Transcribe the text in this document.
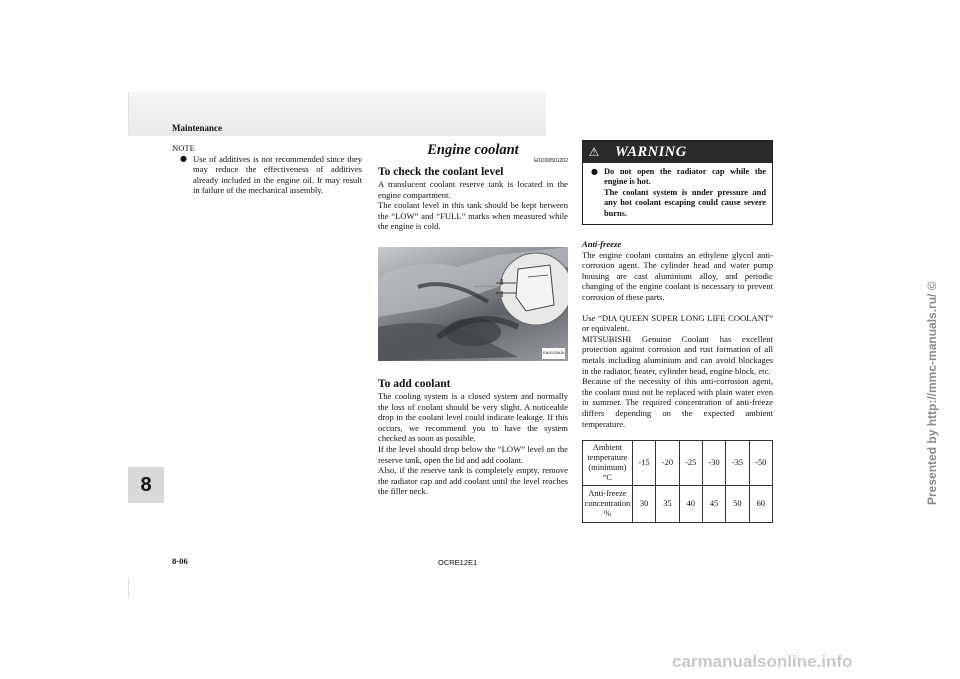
Maintenance
8
NOTE
● Use of additives is not recommended since they may reduce the effectiveness of additives already included in the engine oil. It may result in failure of the mechanical assembly.

Engine coolant
E01000501202
To check the coolant level

A translucent coolant reserve tank is located in the engine compartment.

The coolant level in this tank should be kept between the “LOW” and “FULL” marks when measured while the engine is cold.

EA0013505
To add coolant

The cooling system is a closed system and normally the loss of coolant should be very slight. A noticeable drop in the coolant level could indicate leakage. If this occurs, we recommend you to have the system checked as soon as possible.

If the level should drop below the “LOW” level on the reserve tank, open the lid and add coolant.

Also, if the reserve tank is completely empty, remove the radiator cap and add coolant until the level reaches the filler neck.

⚠	WARNING
● Do not open the radiator cap while the engine is hot.

The coolant system is under pressure and any hot coolant escaping could cause severe burns.

Anti-freeze

The engine coolant contains an ethylene glycol anti-corrosion agent. The cylinder head and water pump housing are cast aluminium alloy, and periodic changing of the engine coolant is necessary to prevent corrosion of these parts.

Use “DIA QUEEN SUPER LONG LIFE COOLANT” or equivalent.

MITSUBISHI Genuine Coolant has excellent protection against corrosion and rust formation of all metals including aluminium and can avoid blockages in the radiator, heater, cylinder head, engine block, etc.

Because of the necessity of this anti-corrosion agent, the coolant must not be replaced with plain water even in summer. The required concentration of anti-freeze differs depending on the expected ambient temperature.

Ambient temperature (minimum) °C	-15	-20	-25	-30	-35	-50
Anti-freeze concentration %	30	35	40	45	50	60
8-06	OCRE12E1
Presented by http://mmc-manuals.ru/ ©
carmanualsonline.info
